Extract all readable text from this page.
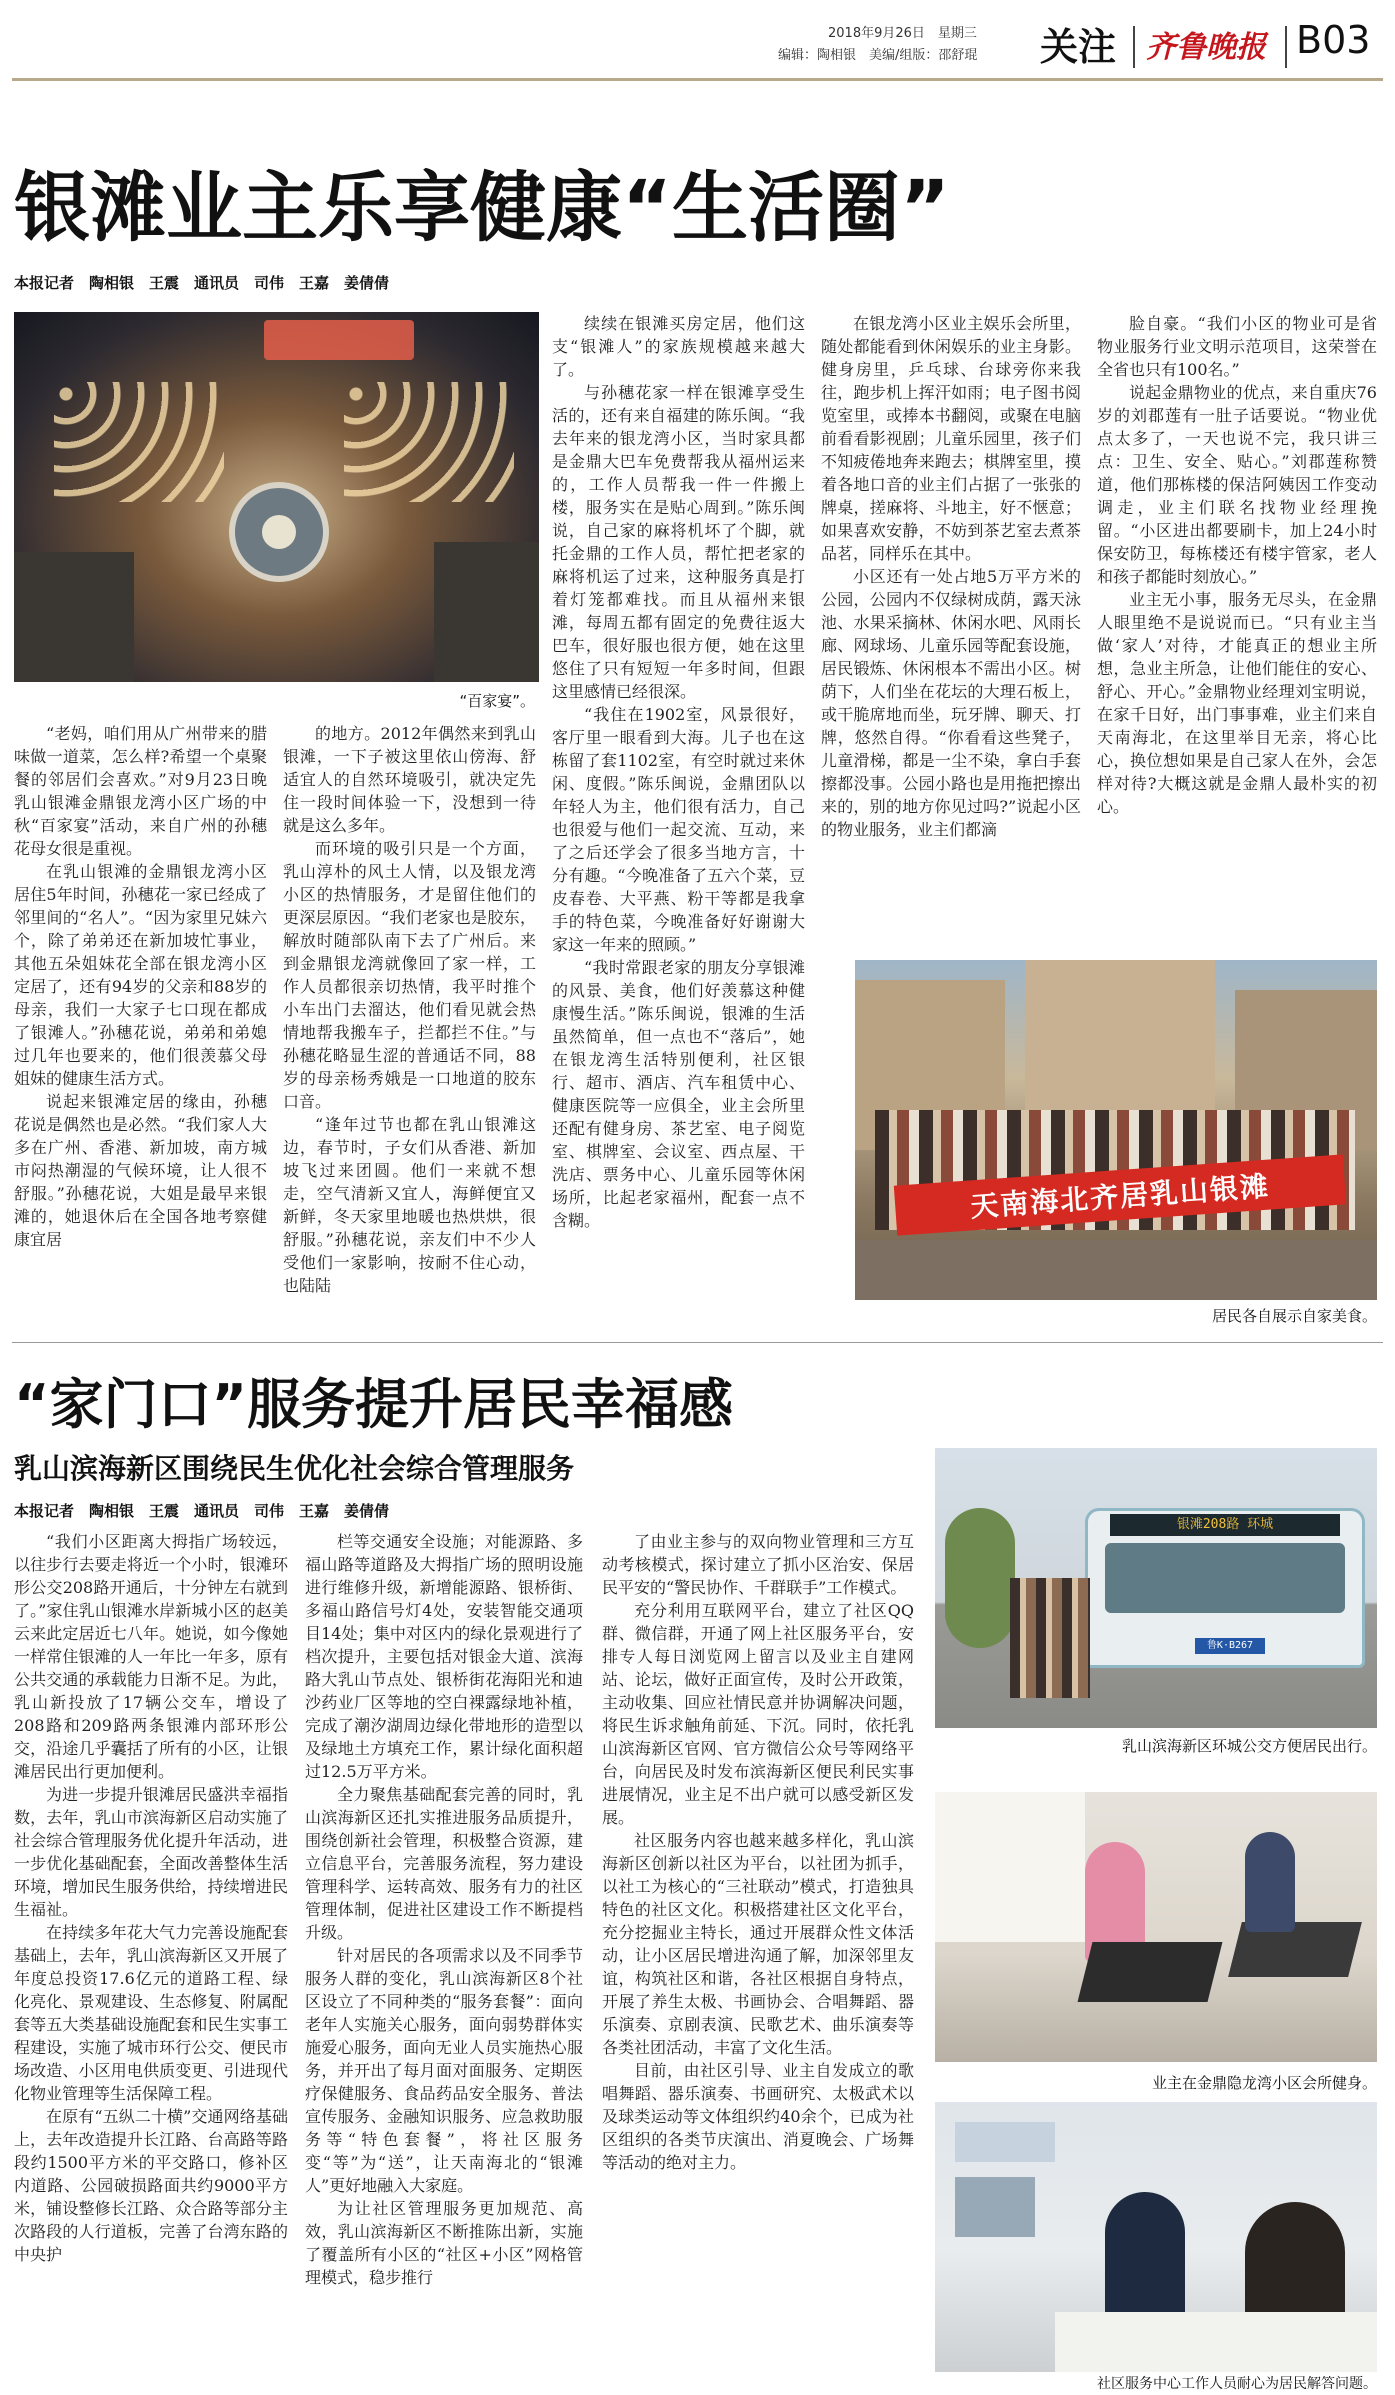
2018年9月26日　星期三
编辑：陶相银　美编/组版：邵舒琨	关注 齐鲁晚报 B03
银滩业主乐享健康“生活圈”
本报记者　陶相银　王震　通讯员　司伟　王嘉　姜倩倩
“百家宴”。

“老妈，咱们用从广州带来的腊味做一道菜，怎么样?希望一个桌聚餐的邻居们会喜欢。”对9月23日晚乳山银滩金鼎银龙湾小区广场的中秋“百家宴”活动，来自广州的孙穗花母女很是重视。

在乳山银滩的金鼎银龙湾小区居住5年时间，孙穗花一家已经成了邻里间的“名人”。“因为家里兄妹六个，除了弟弟还在新加坡忙事业，其他五朵姐妹花全部在银龙湾小区定居了，还有94岁的父亲和88岁的母亲，我们一大家子七口现在都成了银滩人。”孙穗花说，弟弟和弟媳过几年也要来的，他们很羡慕父母姐妹的健康生活方式。

说起来银滩定居的缘由，孙穗花说是偶然也是必然。“我们家人大多在广州、香港、新加坡，南方城市闷热潮湿的气候环境，让人很不舒服。”孙穗花说，大姐是最早来银滩的，她退休后在全国各地考察健康宜居

的地方。2012年偶然来到乳山银滩，一下子被这里依山傍海、舒适宜人的自然环境吸引，就决定先住一段时间体验一下，没想到一待就是这么多年。

而环境的吸引只是一个方面，乳山淳朴的风土人情，以及银龙湾小区的热情服务，才是留住他们的更深层原因。“我们老家也是胶东，解放时随部队南下去了广州后。来到金鼎银龙湾就像回了家一样，工作人员都很亲切热情，我平时推个小车出门去溜达，他们看见就会热情地帮我搬车子，拦都拦不住。”与孙穗花略显生涩的普通话不同，88岁的母亲杨秀娥是一口地道的胶东口音。

“逢年过节也都在乳山银滩这边，春节时，子女们从香港、新加坡飞过来团圆。他们一来就不想走，空气清新又宜人，海鲜便宜又新鲜，冬天家里地暖也热烘烘，很舒服。”孙穗花说，亲友们中不少人受他们一家影响，按耐不住心动，也陆陆

续续在银滩买房定居，他们这支“银滩人”的家族规模越来越大了。

与孙穗花家一样在银滩享受生活的，还有来自福建的陈乐闽。“我去年来的银龙湾小区，当时家具都是金鼎大巴车免费帮我从福州运来的，工作人员帮我一件一件搬上楼，服务实在是贴心周到。”陈乐闽说，自己家的麻将机坏了个脚，就托金鼎的工作人员，帮忙把老家的麻将机运了过来，这种服务真是打着灯笼都难找。而且从福州来银滩，每周五都有固定的免费往返大巴车，很好服也很方便，她在这里悠住了只有短短一年多时间，但跟这里感情已经很深。

“我住在1902室，风景很好，客厅里一眼看到大海。儿子也在这栋留了套1102室，有空时就过来休闲、度假。”陈乐闽说，金鼎团队以年轻人为主，他们很有活力，自己也很爱与他们一起交流、互动，来了之后还学会了很多当地方言，十分有趣。“今晚准备了五六个菜，豆皮春卷、大平燕、粉干等都是我拿手的特色菜，今晚准备好好谢谢大家这一年来的照顾。”

“我时常跟老家的朋友分享银滩的风景、美食，他们好羡慕这种健康慢生活。”陈乐闽说，银滩的生活虽然简单，但一点也不“落后”，她在银龙湾生活特别便利，社区银行、超市、酒店、汽车租赁中心、健康医院等一应俱全，业主会所里还配有健身房、茶艺室、电子阅览室、棋牌室、会议室、西点屋、干洗店、票务中心、儿童乐园等休闲场所，比起老家福州，配套一点不含糊。

在银龙湾小区业主娱乐会所里，随处都能看到休闲娱乐的业主身影。健身房里，乒乓球、台球旁你来我往，跑步机上挥汗如雨；电子图书阅览室里，或捧本书翻阅，或聚在电脑前看看影视剧；儿童乐园里，孩子们不知疲倦地奔来跑去；棋牌室里，摸着各地口音的业主们占据了一张张的牌桌，搓麻将、斗地主，好不惬意；如果喜欢安静，不妨到茶艺室去煮茶品茗，同样乐在其中。

小区还有一处占地5万平方米的公园，公园内不仅绿树成荫，露天泳池、水果采摘林、休闲水吧、风雨长廊、网球场、儿童乐园等配套设施，居民锻炼、休闲根本不需出小区。树荫下，人们坐在花坛的大理石板上，或干脆席地而坐，玩牙牌、聊天、打牌，悠然自得。“你看看这些凳子，儿童滑梯，都是一尘不染，拿白手套擦都没事。公园小路也是用拖把擦出来的，别的地方你见过吗?”说起小区的物业服务，业主们都滴

脸自豪。“我们小区的物业可是省物业服务行业文明示范项目，这荣誉在全省也只有100名。”

说起金鼎物业的优点，来自重庆76岁的刘郡莲有一肚子话要说。“物业优点太多了，一天也说不完，我只讲三点：卫生、安全、贴心。”刘郡莲称赞道，他们那栋楼的保洁阿姨因工作变动调走，业主们联名找物业经理挽留。“小区进出都要刷卡，加上24小时保安防卫，每栋楼还有楼宇管家，老人和孩子都能时刻放心。”

业主无小事，服务无尽头，在金鼎人眼里绝不是说说而已。“只有业主当做‘家人’对待，才能真正的想业主所想，急业主所急，让他们能住的安心、舒心、开心。”金鼎物业经理刘宝明说，在家千日好，出门事事难，业主们来自天南海北，在这里举目无亲，将心比心，换位想如果是自己家人在外，会怎样对待?大概这就是金鼎人最朴实的初心。

天南海北齐居乳山银滩
居民各自展示自家美食。
“家门口”服务提升居民幸福感
乳山滨海新区围绕民生优化社会综合管理服务
本报记者　陶相银　王震　通讯员　司伟　王嘉　姜倩倩

“我们小区距离大拇指广场较远，以往步行去要走将近一个小时，银滩环形公交208路开通后，十分钟左右就到了。”家住乳山银滩水岸新城小区的赵美云来此定居近七八年。她说，如今像她一样常住银滩的人一年比一年多，原有公共交通的承载能力日渐不足。为此，乳山新投放了17辆公交车，增设了208路和209路两条银滩内部环形公交，沿途几乎囊括了所有的小区，让银滩居民出行更加便利。

为进一步提升银滩居民盛洪幸福指数，去年，乳山市滨海新区启动实施了社会综合管理服务优化提升年活动，进一步优化基础配套，全面改善整体生活环境，增加民生服务供给，持续增进民生福祉。

在持续多年花大气力完善设施配套基础上，去年，乳山滨海新区又开展了年度总投资17.6亿元的道路工程、绿化亮化、景观建设、生态修复、附属配套等五大类基础设施配套和民生实事工程建设，实施了城市环行公交、便民市场改造、小区用电供质变更、引进现代化物业管理等生活保障工程。

在原有“五纵二十横”交通网络基础上，去年改造提升长江路、台高路等路段约1500平方米的平交路口，修补区内道路、公园破损路面共约9000平方米，铺设整修长江路、众合路等部分主次路段的人行道板，完善了台湾东路的中央护

栏等交通安全设施；对能源路、多福山路等道路及大拇指广场的照明设施进行维修升级，新增能源路、银桥街、多福山路信号灯4处，安装智能交通项目14处；集中对区内的绿化景观进行了档次提升，主要包括对银金大道、滨海路大乳山节点处、银桥街花海阳光和迪沙药业厂区等地的空白裸露绿地补植，完成了潮汐湖周边绿化带地形的造型以及绿地土方填充工作，累计绿化面积超过12.5万平方米。

全力聚焦基础配套完善的同时，乳山滨海新区还扎实推进服务品质提升，围绕创新社会管理，积极整合资源，建立信息平台，完善服务流程，努力建设管理科学、运转高效、服务有力的社区管理体制，促进社区建设工作不断提档升级。

针对居民的各项需求以及不同季节服务人群的变化，乳山滨海新区8个社区设立了不同种类的“服务套餐”：面向老年人实施关心服务，面向弱势群体实施爱心服务，面向无业人员实施热心服务，并开出了每月面对面服务、定期医疗保健服务、食品药品安全服务、普法宣传服务、金融知识服务、应急救助服务等“特色套餐”，将社区服务变“等”为“送”，让天南海北的“银滩人”更好地融入大家庭。

为让社区管理服务更加规范、高效，乳山滨海新区不断推陈出新，实施了覆盖所有小区的“社区+小区”网格管理模式，稳步推行

了由业主参与的双向物业管理和三方互动考核模式，探讨建立了抓小区治安、保居民平安的“警民协作、千群联手”工作模式。

充分利用互联网平台，建立了社区QQ群、微信群，开通了网上社区服务平台，安排专人每日浏览网上留言以及业主自建网站、论坛，做好正面宣传，及时公开政策，主动收集、回应社情民意并协调解决问题，将民生诉求触角前延、下沉。同时，依托乳山滨海新区官网、官方微信公众号等网络平台，向居民及时发布滨海新区便民利民实事进展情况，业主足不出户就可以感受新区发展。

社区服务内容也越来越多样化，乳山滨海新区创新以社区为平台，以社团为抓手，以社工为核心的“三社联动”模式，打造独具特色的社区文化。积极搭建社区文化平台，充分挖掘业主特长，通过开展群众性文体活动，让小区居民增进沟通了解，加深邻里友谊，构筑社区和谐，各社区根据自身特点，开展了养生太极、书画协会、合唱舞蹈、器乐演奏、京剧表演、民歌艺术、曲乐演奏等各类社团活动，丰富了文化生活。

目前，由社区引导、业主自发成立的歌唱舞蹈、器乐演奏、书画研究、太极武术以及球类运动等文体组织约40余个，已成为社区组织的各类节庆演出、消夏晚会、广场舞等活动的绝对主力。

银滩208路 环城
鲁K·B267
乳山滨海新区环城公交方便居民出行。
业主在金鼎隐龙湾小区会所健身。
社区服务中心工作人员耐心为居民解答问题。
